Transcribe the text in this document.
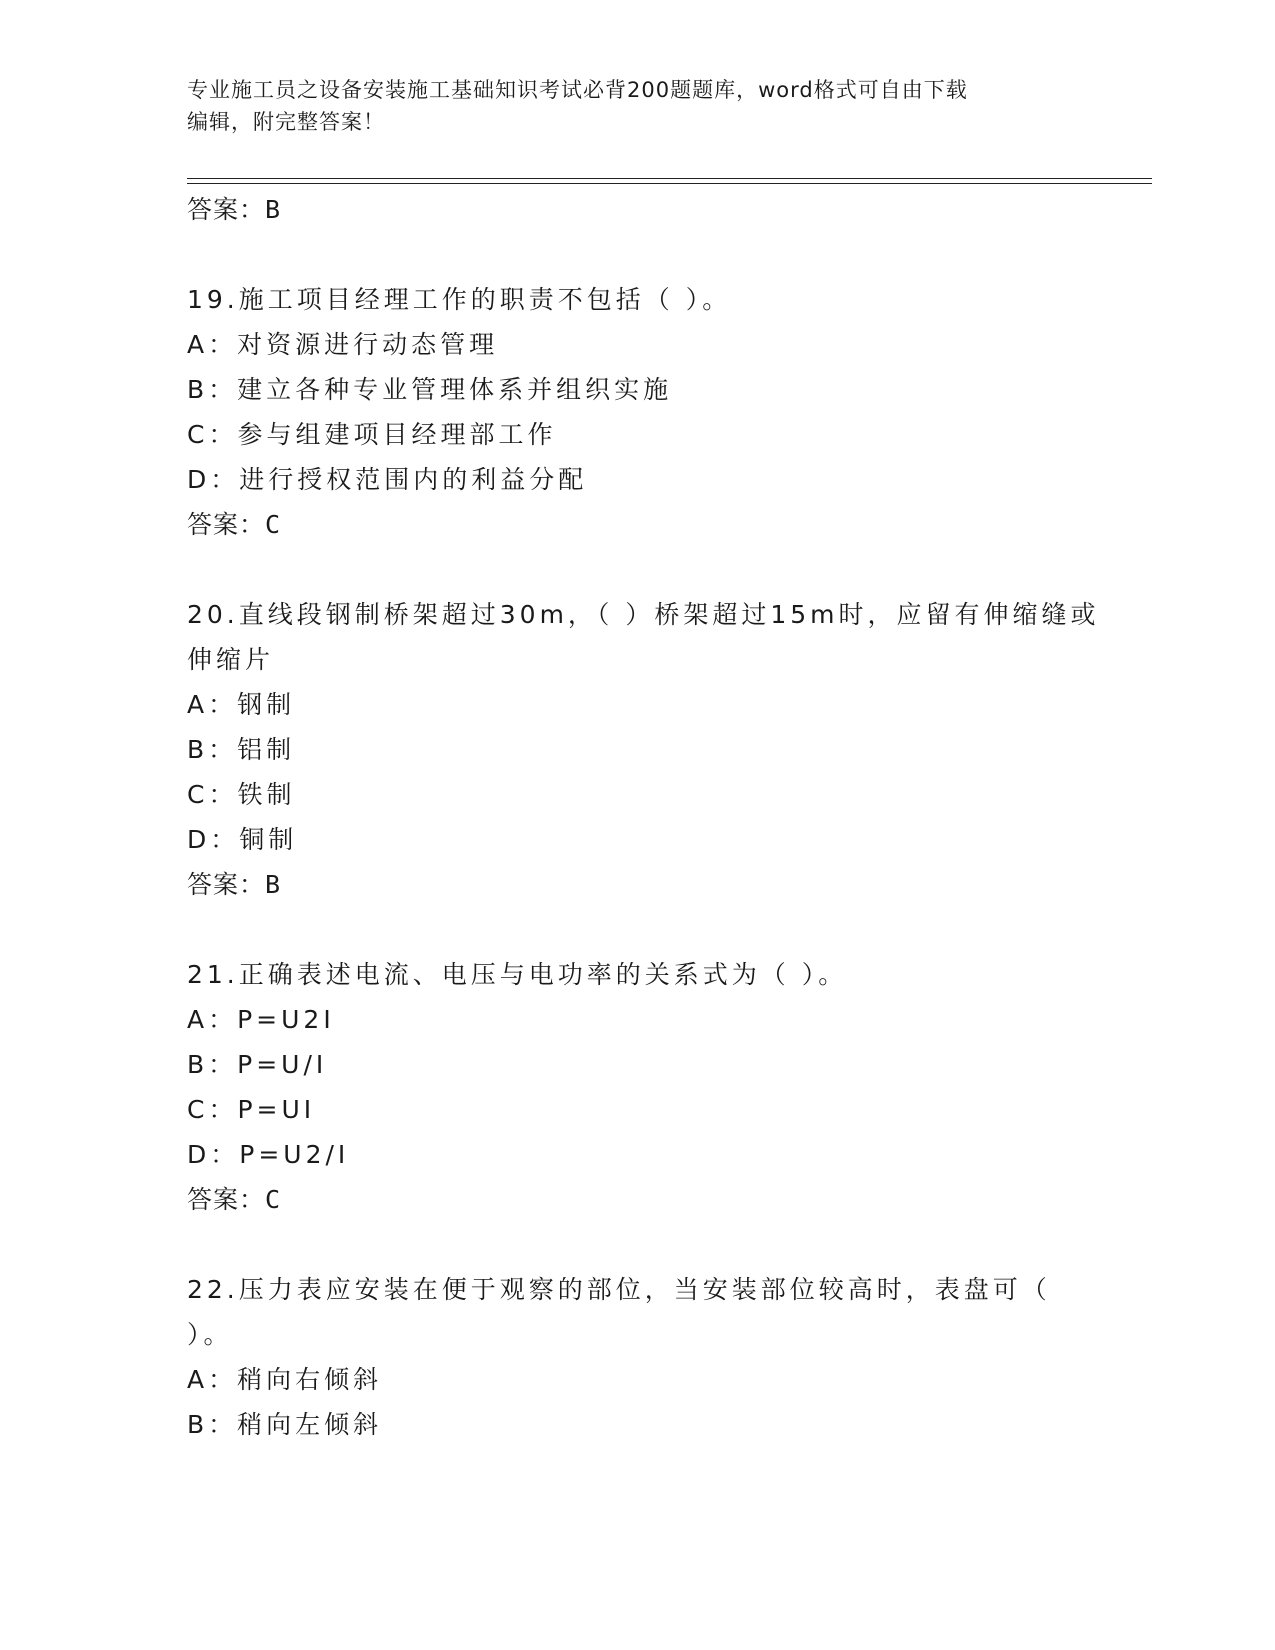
专业施工员之设备安装施工基础知识考试必背200题题库，word格式可自由下载
编辑，附完整答案！
答案：B
19.施工项目经理工作的职责不包括（ ）。
A：对资源进行动态管理
B：建立各种专业管理体系并组织实施
C：参与组建项目经理部工作
D：进行授权范围内的利益分配
答案：C
20.直线段钢制桥架超过30m，（ ）桥架超过15m时，应留有伸缩缝或
伸缩片
A：钢制
B：铝制
C：铁制
D：铜制
答案：B
21.正确表述电流、电压与电功率的关系式为（ ）。
A：P=U2I
B：P=U/I
C：P=UI
D：P=U2/I
答案：C
22.压力表应安装在便于观察的部位，当安装部位较高时，表盘可（
）。
A：稍向右倾斜
B：稍向左倾斜
